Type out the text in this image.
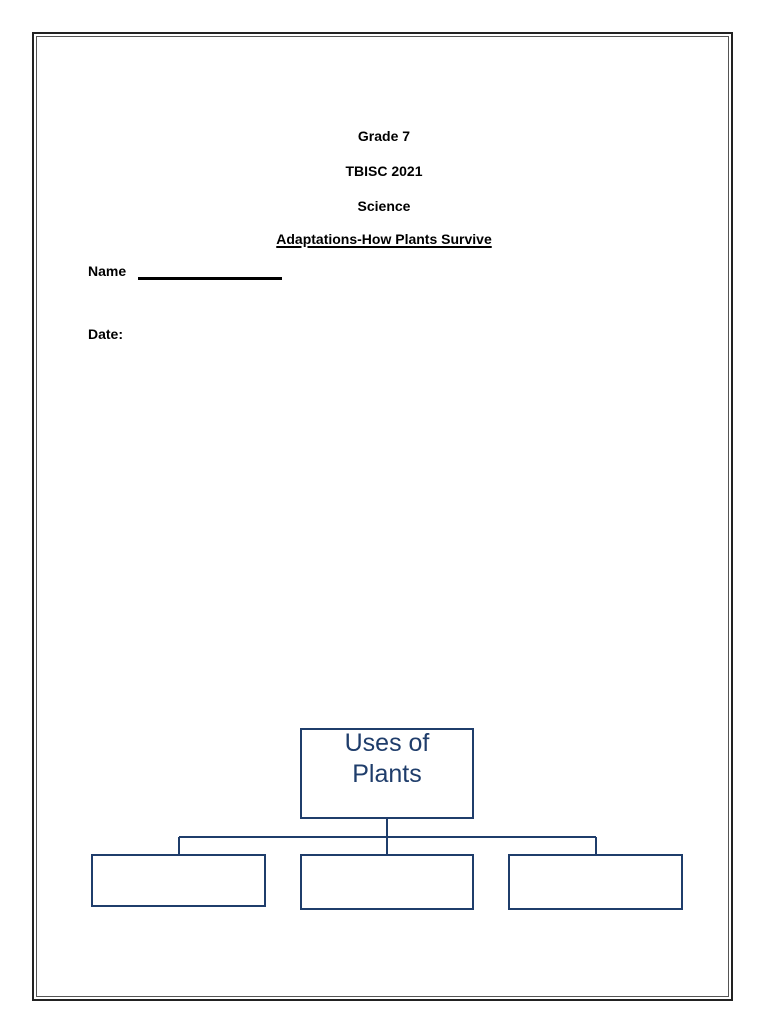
Grade 7
TBISC 2021
Science
Adaptations-How Plants Survive
Name
Date:
Uses of
Plants
